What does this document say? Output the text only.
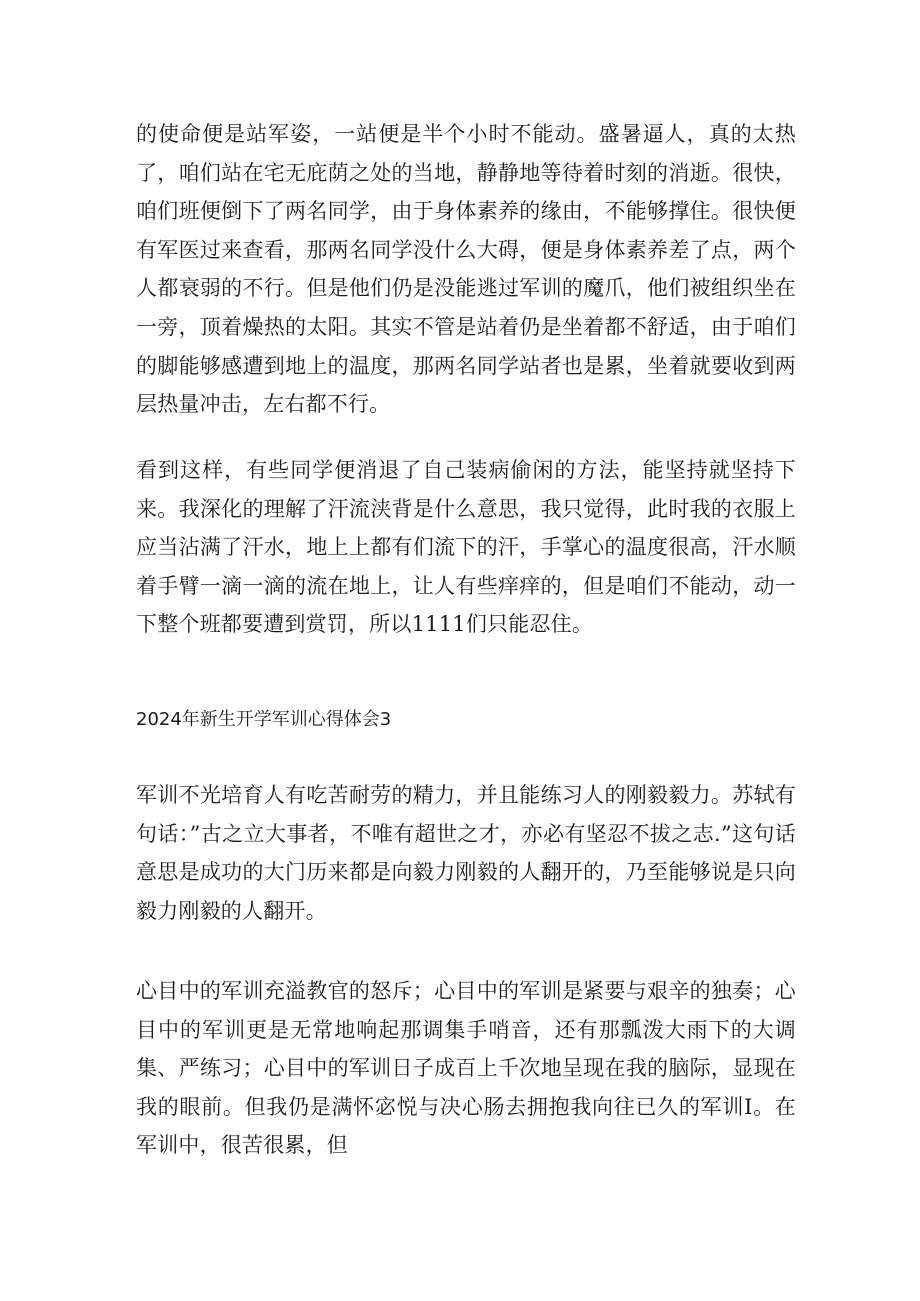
的使命便是站军姿，一站便是半个小时不能动。盛暑逼人，真的太热了，咱们站在宅无庇荫之处的当地，静静地等待着时刻的消逝。很快，咱们班便倒下了两名同学，由于身体素养的缘由，不能够撑住。很快便有军医过来查看，那两名同学没什么大碍，便是身体素养差了点，两个人都衰弱的不行。但是他们仍是没能逃过军训的魔爪，他们被组织坐在一旁，顶着燥热的太阳。其实不管是站着仍是坐着都不舒适，由于咱们的脚能够感遭到地上的温度，那两名同学站者也是累，坐着就要收到两层热量冲击，左右都不行。

看到这样，有些同学便消退了自己装病偷闲的方法，能坚持就坚持下来。我深化的理解了汗流浃背是什么意思，我只觉得，此时我的衣服上应当沾满了汗水，地上上都有们流下的汗，手掌心的温度很高，汗水顺着手臂一滴一滴的流在地上，让人有些痒痒的，但是咱们不能动，动一下整个班都要遭到赏罚，所以1111们只能忍住。

2024年新生开学军训心得体会3

军训不光培育人有吃苦耐劳的精力，并且能练习人的刚毅毅力。苏轼有句话：”古之立大事者，不唯有超世之才，亦必有坚忍不拔之志.”这句话意思是成功的大门历来都是向毅力刚毅的人翻开的，乃至能够说是只向毅力刚毅的人翻开。

心目中的军训充溢教官的怒斥；心目中的军训是紧要与艰辛的独奏；心目中的军训更是无常地响起那调集手哨音，还有那瓢泼大雨下的大调集、严练习；心目中的军训日子成百上千次地呈现在我的脑际，显现在我的眼前。但我仍是满怀宓悦与决心肠去拥抱我向往已久的军训I。在军训中，很苦很累，但
